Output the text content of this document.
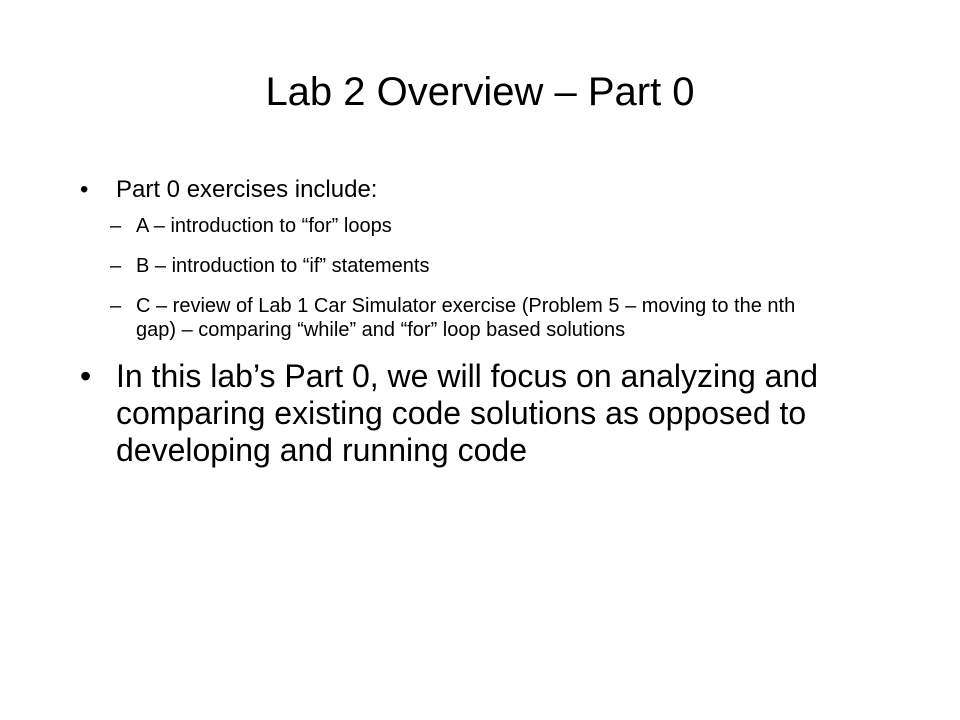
Lab 2 Overview – Part 0
• Part 0 exercises include:
– A – introduction to “for” loops
– B – introduction to “if” statements
– C – review of Lab 1 Car Simulator exercise (Problem 5 – moving to the nth gap) – comparing “while” and “for” loop based solutions
• In this lab’s Part 0, we will focus on analyzing and comparing existing code solutions as opposed to developing and running code
